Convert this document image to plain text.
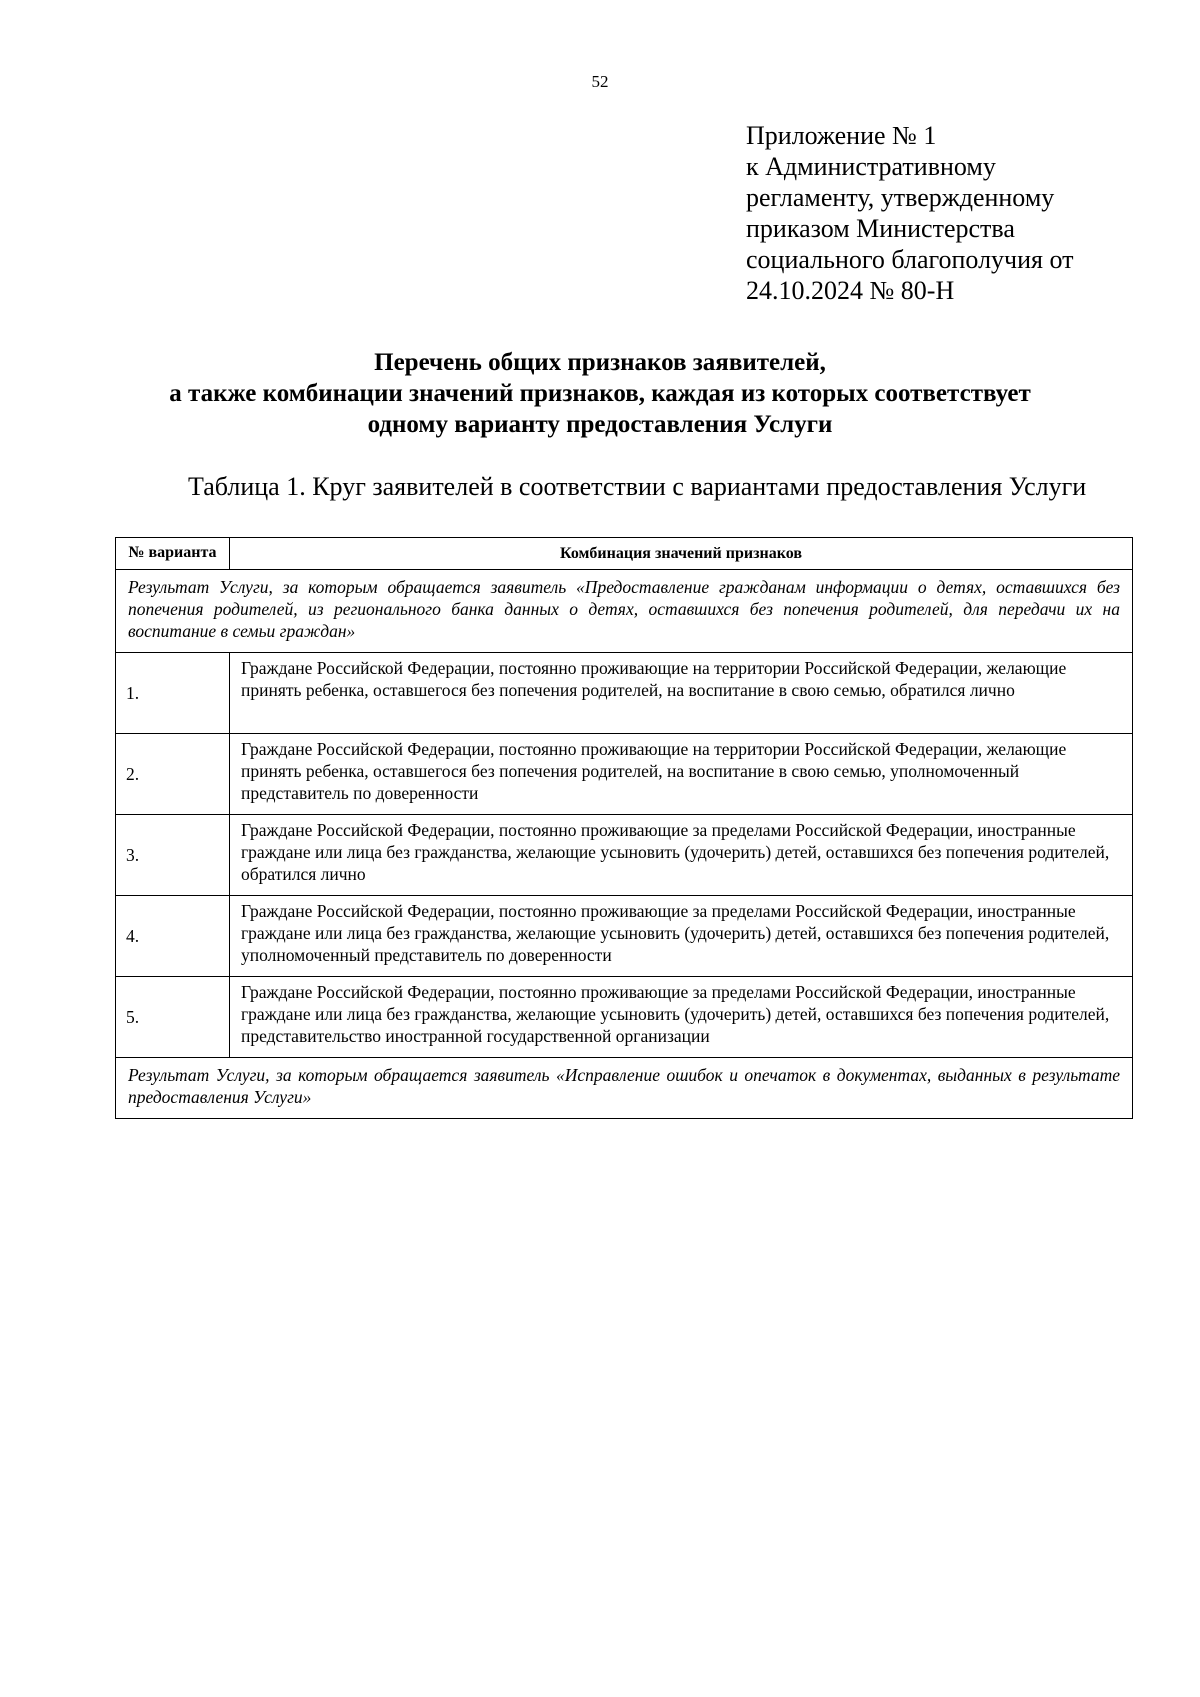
52
Приложение № 1
к Административному
регламенту, утвержденному
приказом Министерства
социального благополучия от
24.10.2024 № 80-Н
Перечень общих признаков заявителей,
а также комбинации значений признаков, каждая из которых соответствует
одному варианту предоставления Услуги
Таблица 1. Круг заявителей в соответствии с вариантами предоставления Услуги
№ варианта	Комбинация значений признаков
Результат Услуги, за которым обращается заявитель «Предоставление гражданам информации о детях, оставшихся без попечения родителей, из регионального банка данных о детях, оставшихся без попечения родителей, для передачи их на воспитание в семьи граждан»	
1.	Граждане Российской Федерации, постоянно проживающие на территории Российской Федерации, желающие принять ребенка, оставшегося без попечения родителей, на воспитание в свою семью, обратился лично
2.	Граждане Российской Федерации, постоянно проживающие на территории Российской Федерации, желающие принять ребенка, оставшегося без попечения родителей, на воспитание в свою семью, уполномоченный представитель по доверенности
3.	Граждане Российской Федерации, постоянно проживающие за пределами Российской Федерации, иностранные граждане или лица без гражданства, желающие усыновить (удочерить) детей, оставшихся без попечения родителей, обратился лично
4.	Граждане Российской Федерации, постоянно проживающие за пределами Российской Федерации, иностранные граждане или лица без гражданства, желающие усыновить (удочерить) детей, оставшихся без попечения родителей, уполномоченный представитель по доверенности
5.	Граждане Российской Федерации, постоянно проживающие за пределами Российской Федерации, иностранные граждане или лица без гражданства, желающие усыновить (удочерить) детей, оставшихся без попечения родителей, представительство иностранной государственной организации
Результат Услуги, за которым обращается заявитель «Исправление ошибок и опечаток в документах, выданных в результате предоставления Услуги»	
